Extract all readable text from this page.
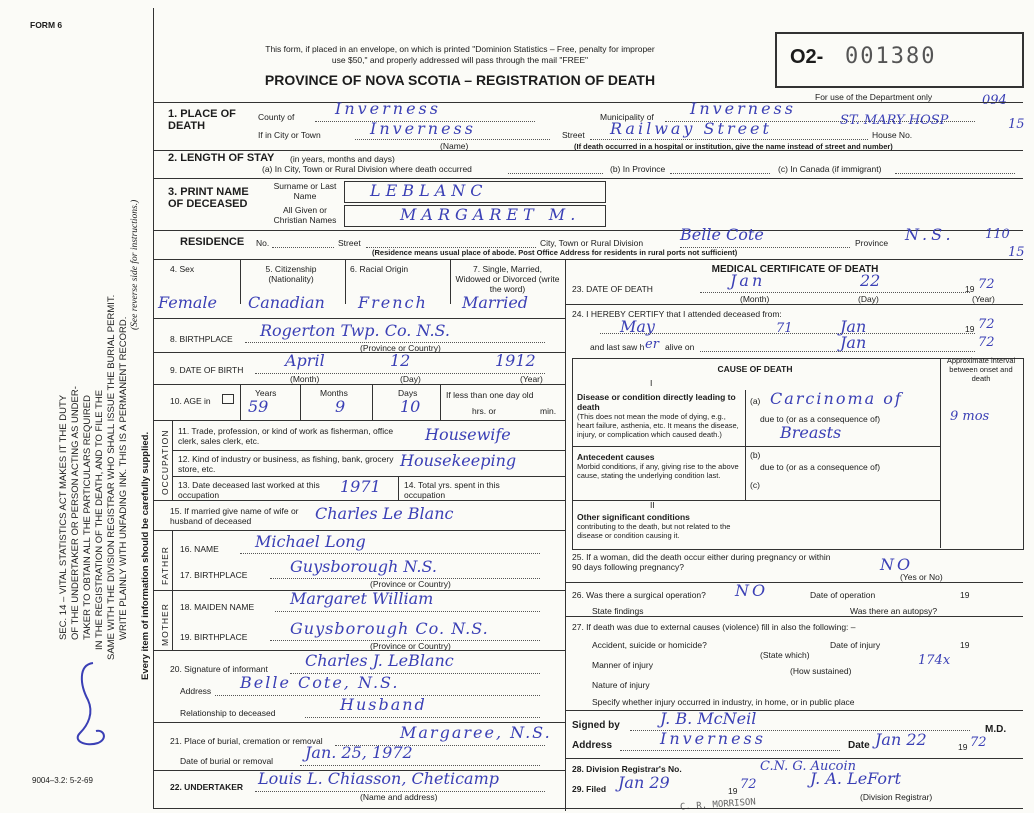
FORM 6
SEC. 14 – VITAL STATISTICS ACT MAKES IT THE DUTY OF THE UNDERTAKER OR PERSON ACTING AS UNDER- TAKER TO OBTAIN ALL THE PARTICULARS REQUIRED IN THE REGISTRATION OF THE DEATH, AND TO FILE THE SAME WITH THE DIVISION REGISTRAR WHO SHALL ISSUE THE BURIAL PERMIT. WRITE PLAINLY WITH UNFADING INK. THIS IS A PERMANENT RECORD.
(See reverse side for instructions.)
Every item of information should be carefully supplied.
9004–3.2: 5-2-69
This form, if placed in an envelope, on which is printed "Dominion Statistics – Free, penalty for improper
use $50," and properly addressed will pass through the mail "FREE"
PROVINCE OF NOVA SCOTIA – REGISTRATION OF DEATH
O2- 001380
For use of the Department only	094
15
1. PLACE OF DEATH
County of	Inverness	Municipality of Inverness
If in City or Town	Inverness
(Name)
Street Railway Street	ST. MARY HOSP
House No.
(If death occurred in a hospital or institution, give the name instead of street and number)
2. LENGTH OF STAY (in years, months and days)
(a) In City, Town or Rural Division where death occurred	(b) In Province	(c) In Canada (if immigrant)
3. PRINT NAME OF DECEASED
Surname or Last Name
All Given or Christian Names
LEBLANC
MARGARET M.
RESIDENCE No.	Street	City, Town or Rural Division Belle Cote	Province N.S. 110
15
(Residence means usual place of abode. Post Office Address for residents in rural ports not sufficient)
4. Sex	5. Citizenship (Nationality)
6. Racial Origin	7. Single, Married, Widowed or Divorced (write the word)
Female Canadian French Married
8. BIRTHPLACE Rogerton Twp. Co. N.S.
(Province or Country)
9. DATE OF BIRTH	April	12	1912
(Month)	(Day)	(Year)
10. AGE in
Years	Months	Days
59	9	10
If less than one day old
hrs. or	min.
OCCUPATION 11. Trade, profession, or kind of work as fisherman, office clerk, sales clerk, etc.	Housewife
12. Kind of industry or business, as fishing, bank, grocery store, etc.	Housekeeping
13. Date deceased last worked at this occupation	1971	14. Total yrs. spent in this occupation
15. If married give name of wife or husband of deceased	Charles Le Blanc
FATHER 16. NAME Michael Long
17. BIRTHPLACE	Guysborough N.S.
(Province or Country)
MOTHER 18. MAIDEN NAME Margaret William
19. BIRTHPLACE	Guysborough Co. N.S.
(Province or Country)
20. Signature of informant Charles J. LeBlanc
Address Belle Cote, N.S.
Relationship to deceased	Husband
21. Place of burial, cremation or removal	Margaree, N.S.
Date of burial or removal Jan. 25, 1972
22. UNDERTAKER Louis L. Chiasson, Cheticamp
(Name and address)
MEDICAL CERTIFICATE OF DEATH
23. DATE OF DEATH	Jan	22	19 72
(Month)	(Day)	(Year)
24. I HEREBY CERTIFY that I attended deceased from:
May	71	Jan	19 72
and last saw h er alive on	Jan	72
CAUSE OF DEATH
Approximate interval between onset and death
I
Disease or condition directly leading to death
(This does not mean the mode of dying, e.g., heart failure, asthenia, etc. It means the disease, injury, or complication which caused death.)
(a) Carcinoma of
due to (or as a consequence of)
Breasts
9 mos
Antecedent causes
Morbid conditions, if any, giving rise to the above cause, stating the underlying condition last.
(b)
due to (or as a consequence of)
(c)
II
Other significant conditions
contributing to the death, but not related to the disease or condition causing it.
25. If a woman, did the death occur either during pregnancy or within 90 days following pregnancy?	NO
(Yes or No)
26. Was there a surgical operation? NO	Date of operation	19
State findings	Was there an autopsy?
27. If death was due to external causes (violence) fill in also the following: –
Accident, suicide or homicide?	Date of injury	19
(State which)
Manner of injury	174x
(How sustained)
Nature of injury
Specify whether injury occurred in industry, in home, or in public place
Signed by	J. B. McNeil
M.D.
Address	Inverness	Date Jan 22	19 72
28. Division Registrar's No.	C.N. G. Aucoin
29. Filed Jan 29	19 72	J. A. LeFort
(Division Registrar)
C. R. MORRISON
